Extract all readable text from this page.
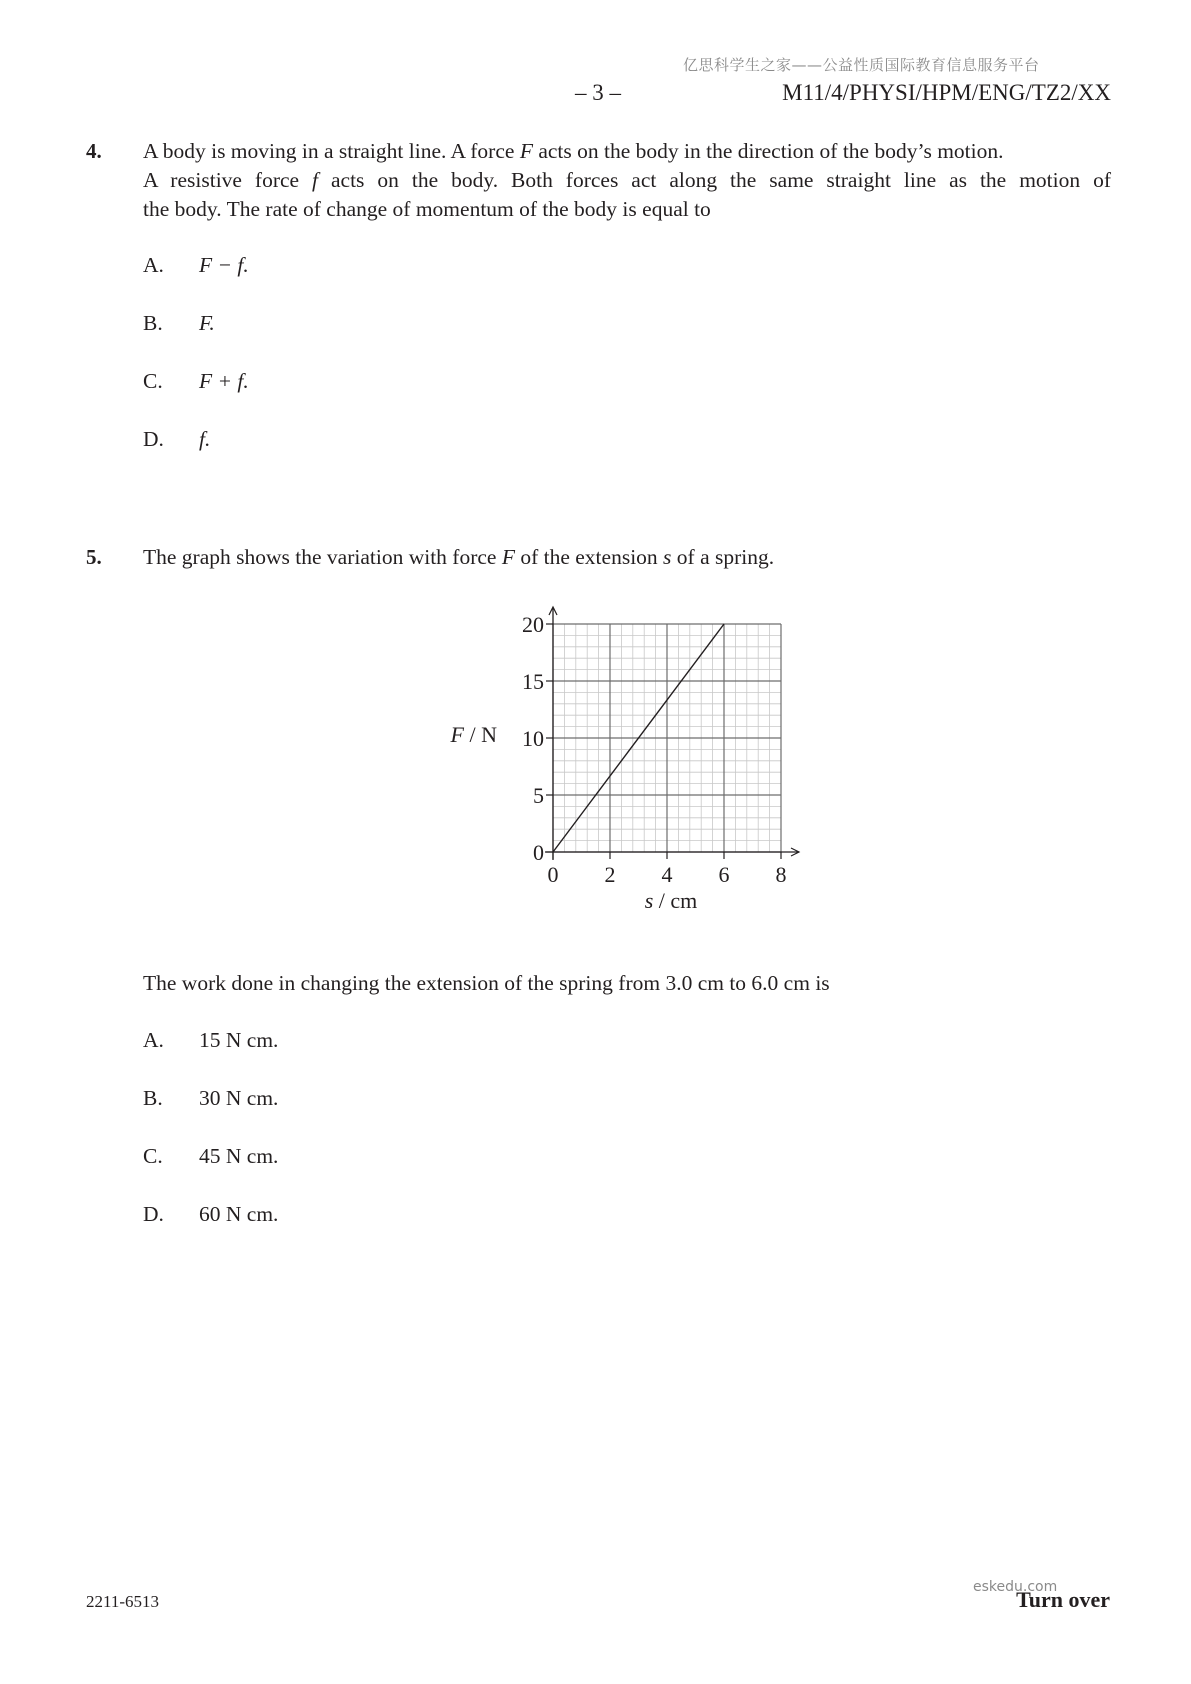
亿思科学生之家——公益性质国际教育信息服务平台
– 3 –	M11/4/PHYSI/HPM/ENG/TZ2/XX
4. A body is moving in a straight line. A force F acts on the body in the direction of the body’s motion.
A resistive force f acts on the body. Both forces act along the same straight line as the motion of
the body. The rate of change of momentum of the body is equal to
A. F − f.
B. F.
C. F + f.
D. f.
5. The graph shows the variation with force F of the extension s of a spring.
0 2 4 6 8
0
5
10
15
20
F / N
s / cm
The work done in changing the extension of the spring from 3.0 cm to 6.0 cm is
A. 15 N cm.
B. 30 N cm.
C. 45 N cm.
D. 60 N cm.
2211-6513
eskedu.com
Turn over
